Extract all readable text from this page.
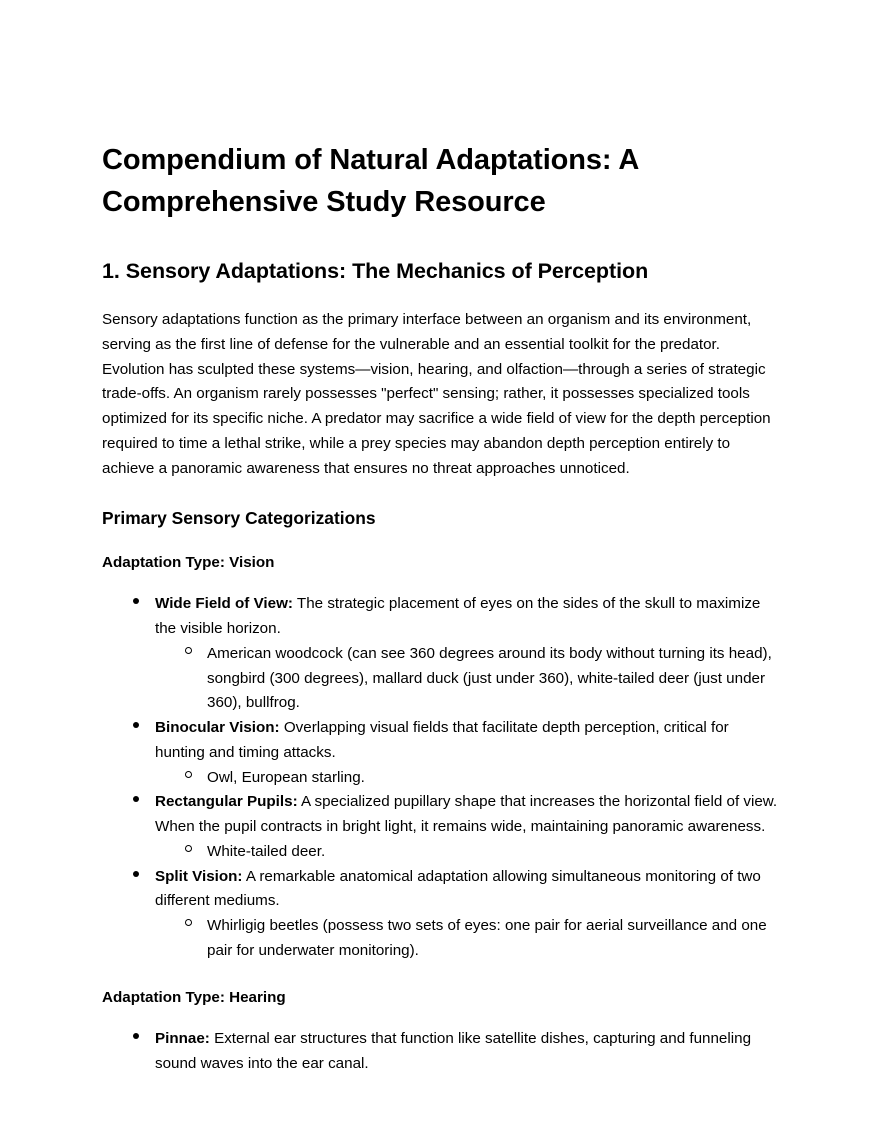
Compendium of Natural Adaptations: A Comprehensive Study Resource
1. Sensory Adaptations: The Mechanics of Perception

Sensory adaptations function as the primary interface between an organism and its environment, serving as the first line of defense for the vulnerable and an essential toolkit for the predator. Evolution has sculpted these systems—vision, hearing, and olfaction—through a series of strategic trade-offs. An organism rarely possesses "perfect" sensing; rather, it possesses specialized tools optimized for its specific niche. A predator may sacrifice a wide field of view for the depth perception required to time a lethal strike, while a prey species may abandon depth perception entirely to achieve a panoramic awareness that ensures no threat approaches unnoticed.

Primary Sensory Categorizations

Adaptation Type: Vision

Wide Field of View: The strategic placement of eyes on the sides of the skull to maximize the visible horizon.
American woodcock (can see 360 degrees around its body without turning its head), songbird (300 degrees), mallard duck (just under 360), white-tailed deer (just under 360), bullfrog.
Binocular Vision: Overlapping visual fields that facilitate depth perception, critical for hunting and timing attacks.
Owl, European starling.
Rectangular Pupils: A specialized pupillary shape that increases the horizontal field of view. When the pupil contracts in bright light, it remains wide, maintaining panoramic awareness.
White-tailed deer.
Split Vision: A remarkable anatomical adaptation allowing simultaneous monitoring of two different mediums.
Whirligig beetles (possess two sets of eyes: one pair for aerial surveillance and one pair for underwater monitoring).

Adaptation Type: Hearing

Pinnae: External ear structures that function like satellite dishes, capturing and funneling sound waves into the ear canal.
